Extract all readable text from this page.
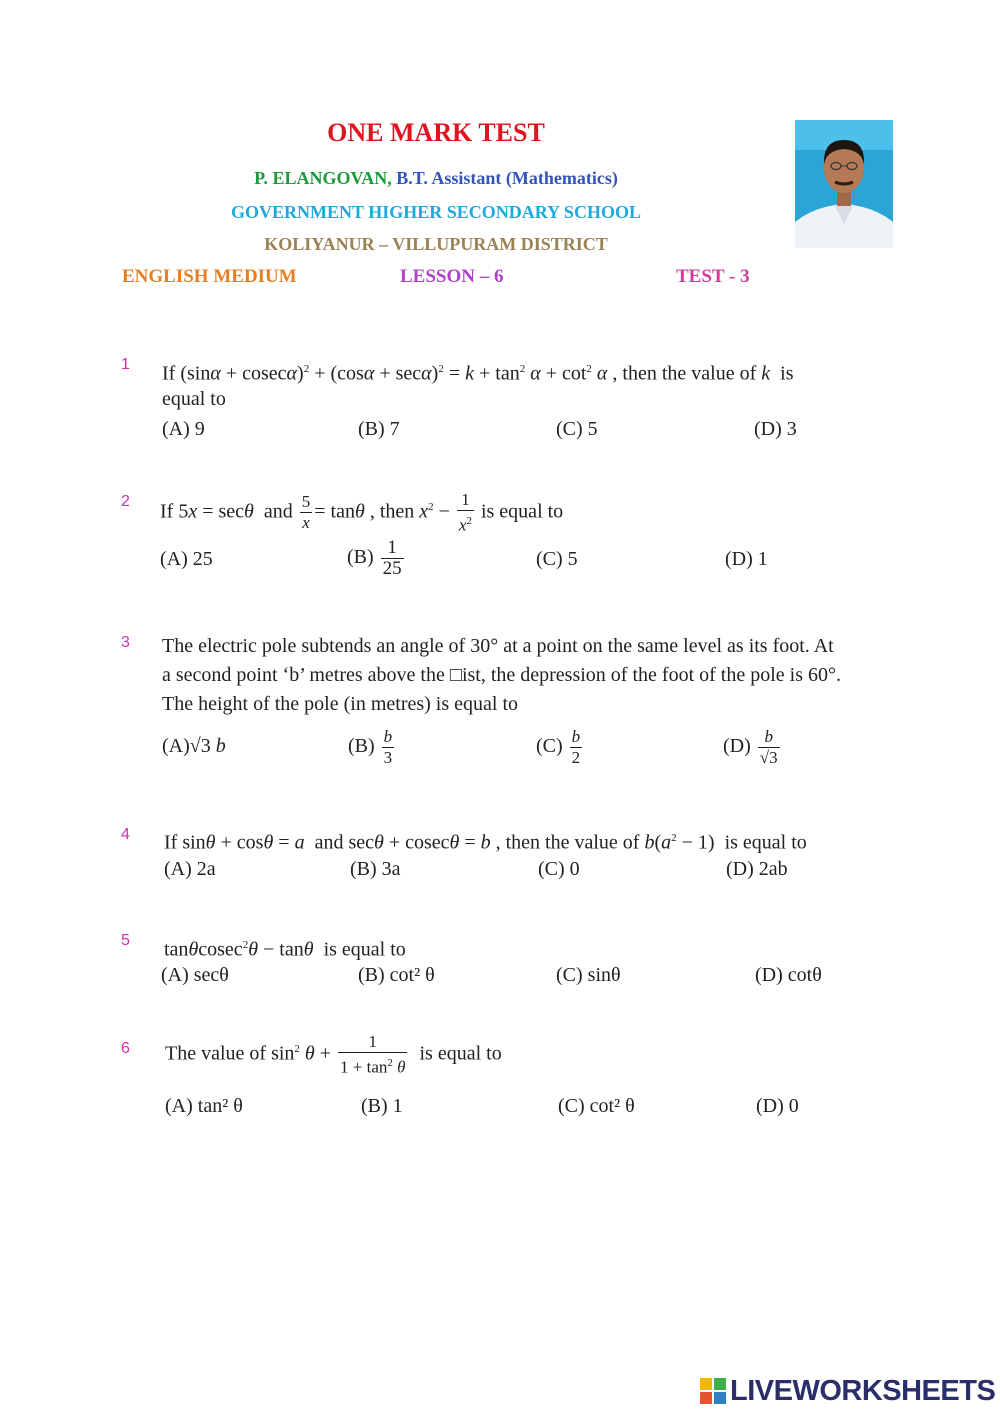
ONE MARK TEST
P. ELANGOVAN, B.T. Assistant (Mathematics)
GOVERNMENT HIGHER SECONDARY SCHOOL
KOLIYANUR – VILLUPURAM DISTRICT
ENGLISH MEDIUM	LESSON – 6	TEST - 3
1 If $(\sin\alpha + cosec\alpha)^2 + (\cos\alpha + \sec\alpha)^2 = k + \tan^2 \alpha + \cot^2 \alpha$ , then the value of k  is
equal to
(A) 9	(B) 7	(C) 5	(D) 3
2 If 5x = secθ  and $\frac{5}{x} = \tan\theta$ , then $x^2 - \frac{1}{x^2}$ is equal to
(A) 25	$(B) \frac{1}{25}$	(C) 5	(D) 1
3 The electric pole subtends an angle of 30° at a point on the same level as its foot. At
a second point ‘b’ metres above the □ist, the depression of the foot of the pole is 60°.
The height of the pole (in metres) is equal to
(A)√3 b	$(B) \frac{b}{3}$	$(C) \frac{b}{2}$	$(D) \frac{b}{√3}$
4 If sinθ + cosθ = a  and secθ + cosecθ = b , then the value of $b(a^2 - 1)$  is equal to
(A) 2a	(B) 3a	(C) 0	(D) 2ab
5 tanθcosec$^2$θ − tanθ  is equal to
(A) secθ	(B) cot² θ	(C) sinθ	(D) cotθ
6 The value of $\sin^2 \theta + \frac{1}{1 + \tan^2 \theta}$ is equal to
(A) tan² θ	(B) 1	(C) cot² θ	(D) 0
LIVEWORKSHEETS
